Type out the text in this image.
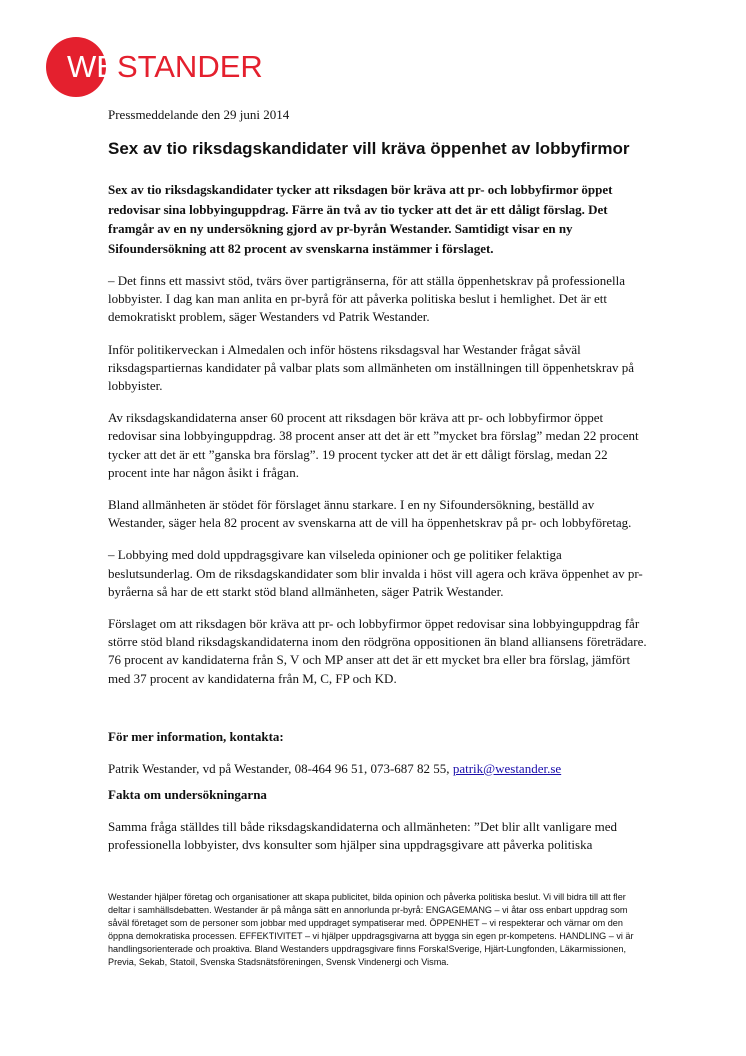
WESTANDER

Pressmeddelande den 29 juni 2014

Sex av tio riksdagskandidater vill kräva öppenhet av lobbyfirmor

Sex av tio riksdagskandidater tycker att riksdagen bör kräva att pr- och lobbyfirmor öppet redovisar sina lobbyinguppdrag. Färre än två av tio tycker att det är ett dåligt förslag. Det framgår av en ny undersökning gjord av pr-byrån Westander. Samtidigt visar en ny Sifoundersökning att 82 procent av svenskarna instämmer i förslaget.

– Det finns ett massivt stöd, tvärs över partigränserna, för att ställa öppenhetskrav på professionella lobbyister. I dag kan man anlita en pr-byrå för att påverka politiska beslut i hemlighet. Det är ett demokratiskt problem, säger Westanders vd Patrik Westander.

Inför politikerveckan i Almedalen och inför höstens riksdagsval har Westander frågat såväl riksdagspartiernas kandidater på valbar plats som allmänheten om inställningen till öppenhetskrav på lobbyister.

Av riksdagskandidaterna anser 60 procent att riksdagen bör kräva att pr- och lobbyfirmor öppet redovisar sina lobbyinguppdrag. 38 procent anser att det är ett ”mycket bra förslag” medan 22 procent tycker att det är ett ”ganska bra förslag”. 19 procent tycker att det är ett dåligt förslag, medan 22 procent inte har någon åsikt i frågan.

Bland allmänheten är stödet för förslaget ännu starkare. I en ny Sifoundersökning, beställd av Westander, säger hela 82 procent av svenskarna att de vill ha öppenhetskrav på pr- och lobbyföretag.

– Lobbying med dold uppdragsgivare kan vilseleda opinioner och ge politiker felaktiga beslutsunderlag. Om de riksdagskandidater som blir invalda i höst vill agera och kräva öppenhet av pr-byråerna så har de ett starkt stöd bland allmänheten, säger Patrik Westander.

Förslaget om att riksdagen bör kräva att pr- och lobbyfirmor öppet redovisar sina lobbyinguppdrag får större stöd bland riksdagskandidaterna inom den rödgröna oppositionen än bland alliansens företrädare. 76 procent av kandidaterna från S, V och MP anser att det är ett mycket bra eller bra förslag, jämfört med 37 procent av kandidaterna från M, C, FP och KD.

För mer information, kontakta:

Patrik Westander, vd på Westander, 08-464 96 51, 073-687 82 55, patrik@westander.se

Fakta om undersökningarna

Samma fråga ställdes till både riksdagskandidaterna och allmänheten: ”Det blir allt vanligare med professionella lobbyister, dvs konsulter som hjälper sina uppdragsgivare att påverka politiska

Westander hjälper företag och organisationer att skapa publicitet, bilda opinion och påverka politiska beslut. Vi vill bidra till att fler deltar i samhällsdebatten. Westander är på många sätt en annorlunda pr-byrå: ENGAGEMANG – vi åtar oss enbart uppdrag som såväl företaget som de personer som jobbar med uppdraget sympatiserar med. ÖPPENHET – vi respekterar och värnar om den öppna demokratiska processen. EFFEKTIVITET – vi hjälper uppdragsgivarna att bygga sin egen pr-kompetens. HANDLING – vi är handlingsorienterade och proaktiva. Bland Westanders uppdragsgivare finns Forska!Sverige, Hjärt-Lungfonden, Läkarmissionen, Previa, Sekab, Statoil, Svenska Stadsnätsföreningen, Svensk Vindenergi och Visma.
